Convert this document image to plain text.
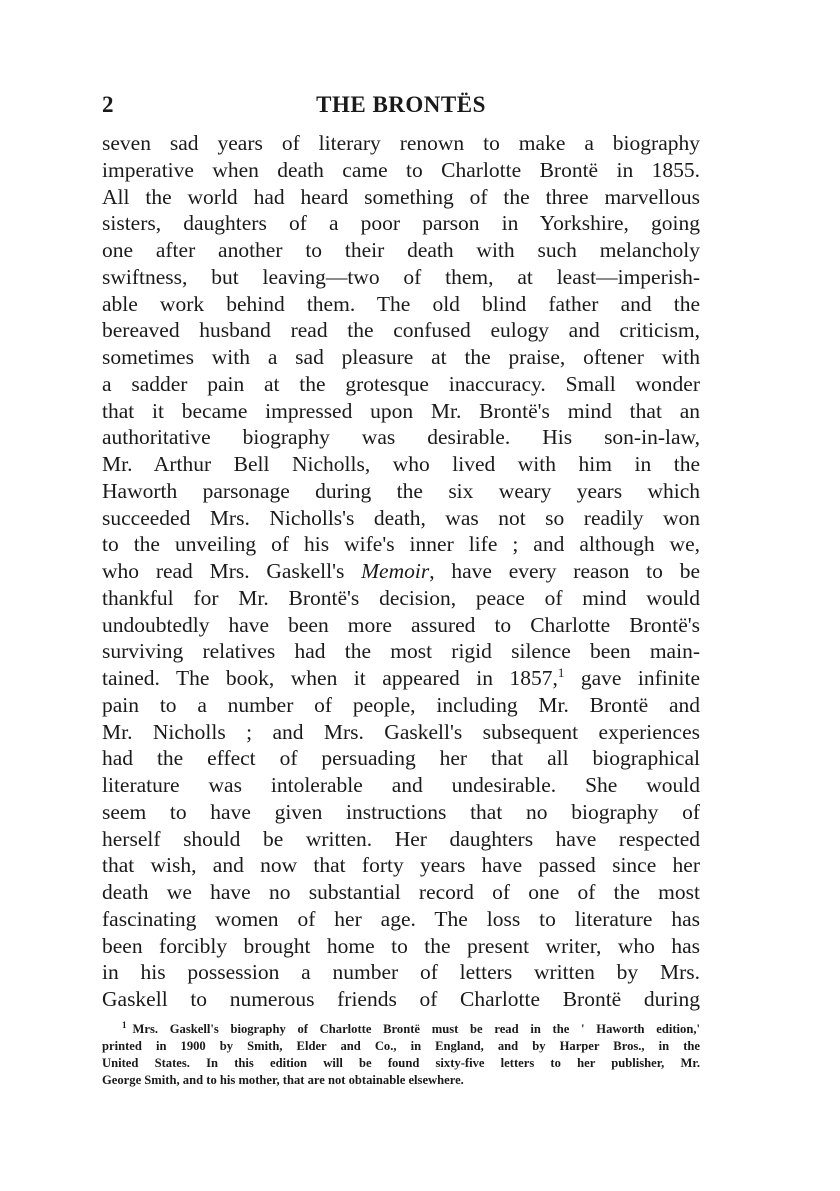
2	THE BRONTËS
seven sad years of literary renown to make a biography
imperative when death came to Charlotte Brontë in 1855.
All the world had heard something of the three marvellous
sisters, daughters of a poor parson in Yorkshire, going
one after another to their death with such melancholy
swiftness, but leaving—two of them, at least—imperish-
able work behind them. The old blind father and the
bereaved husband read the confused eulogy and criticism,
sometimes with a sad pleasure at the praise, oftener with
a sadder pain at the grotesque inaccuracy. Small wonder
that it became impressed upon Mr. Brontë's mind that an
authoritative biography was desirable. His son-in-law,
Mr. Arthur Bell Nicholls, who lived with him in the
Haworth parsonage during the six weary years which
succeeded Mrs. Nicholls's death, was not so readily won
to the unveiling of his wife's inner life ; and although we,
who read Mrs. Gaskell's Memoir, have every reason to be
thankful for Mr. Brontë's decision, peace of mind would
undoubtedly have been more assured to Charlotte Brontë's
surviving relatives had the most rigid silence been main-
tained. The book, when it appeared in 1857,$^1$ gave infinite
pain to a number of people, including Mr. Brontë and
Mr. Nicholls ; and Mrs. Gaskell's subsequent experiences
had the effect of persuading her that all biographical
literature was intolerable and undesirable. She would
seem to have given instructions that no biography of
herself should be written. Her daughters have respected
that wish, and now that forty years have passed since her
death we have no substantial record of one of the most
fascinating women of her age. The loss to literature has
been forcibly brought home to the present writer, who has
in his possession a number of letters written by Mrs.
Gaskell to numerous friends of Charlotte Brontë during
$^1$ Mrs. Gaskell's biography of Charlotte Brontë must be read in the ' Haworth edition,'
printed in 1900 by Smith, Elder and Co., in England, and by Harper Bros., in the
United States. In this edition will be found sixty-five letters to her publisher, Mr.
George Smith, and to his mother, that are not obtainable elsewhere.
